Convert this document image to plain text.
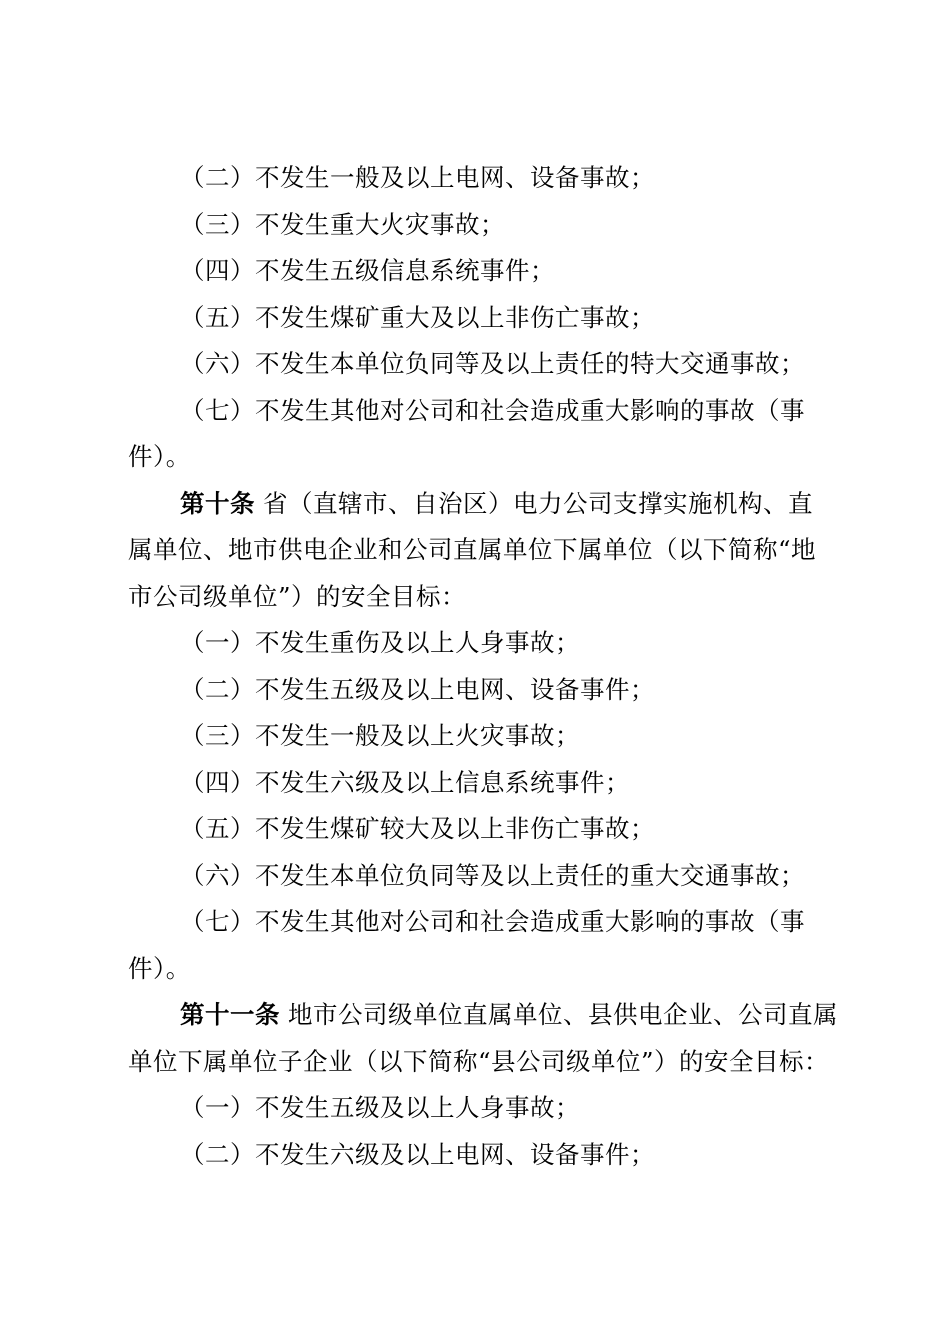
（二）不发生一般及以上电网、设备事故；
（三）不发生重大火灾事故；
（四）不发生五级信息系统事件；
（五）不发生煤矿重大及以上非伤亡事故；
（六）不发生本单位负同等及以上责任的特大交通事故；
（七）不发生其他对公司和社会造成重大影响的事故（事
件）。
第十条 省（直辖市、自治区）电力公司支撑实施机构、直
属单位、地市供电企业和公司直属单位下属单位（以下简称“地
市公司级单位”）的安全目标：
（一）不发生重伤及以上人身事故；
（二）不发生五级及以上电网、设备事件；
（三）不发生一般及以上火灾事故；
（四）不发生六级及以上信息系统事件；
（五）不发生煤矿较大及以上非伤亡事故；
（六）不发生本单位负同等及以上责任的重大交通事故；
（七）不发生其他对公司和社会造成重大影响的事故（事
件）。
第十一条 地市公司级单位直属单位、县供电企业、公司直属
单位下属单位子企业（以下简称“县公司级单位”）的安全目标：
（一）不发生五级及以上人身事故；
（二）不发生六级及以上电网、设备事件；
